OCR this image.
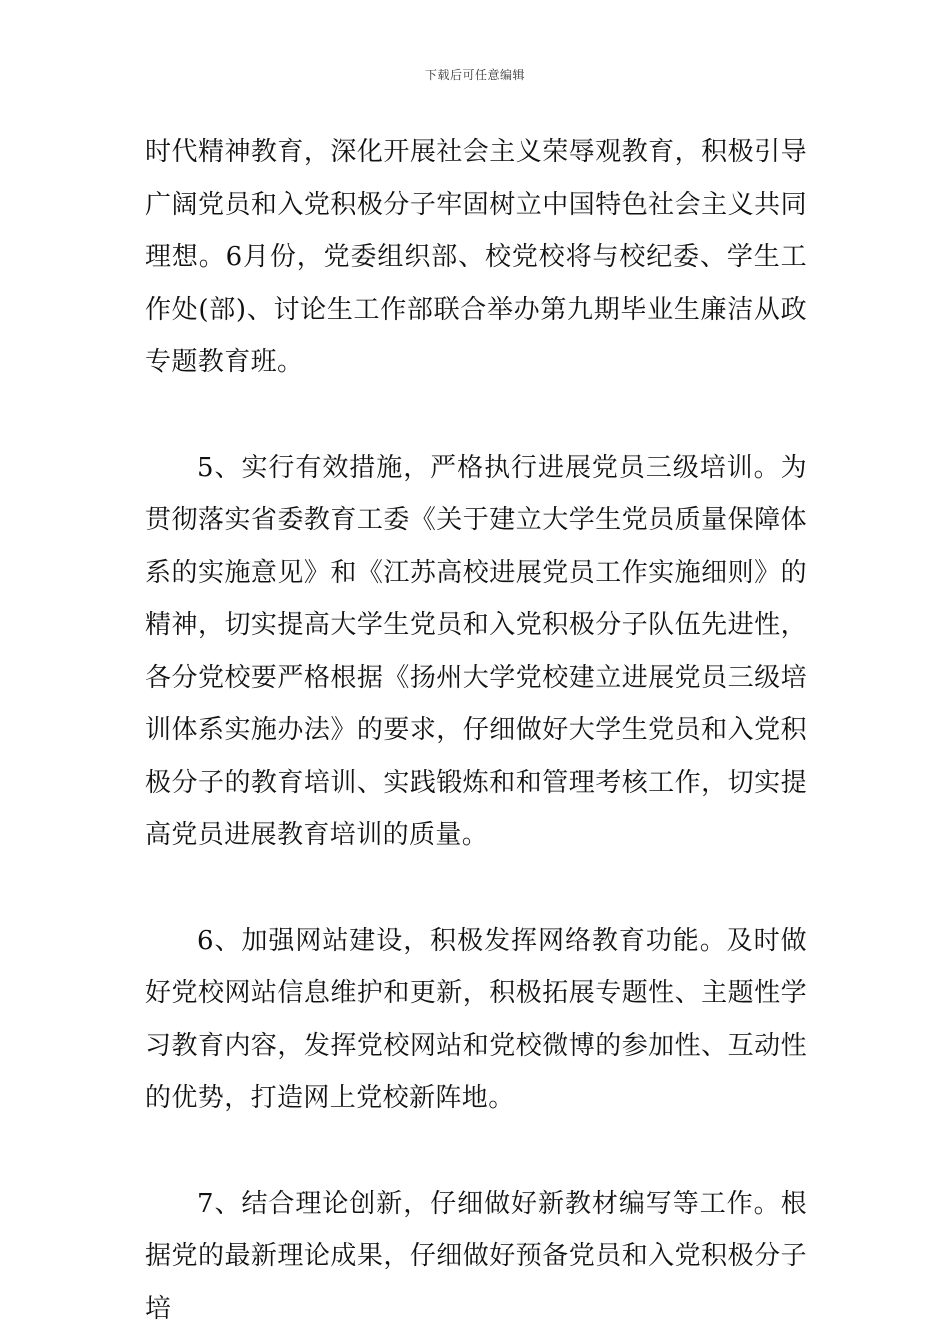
下载后可任意编辑

时代精神教育，深化开展社会主义荣辱观教育，积极引导广阔党员和入党积极分子牢固树立中国特色社会主义共同理想。6月份，党委组织部、校党校将与校纪委、学生工作处(部)、讨论生工作部联合举办第九期毕业生廉洁从政专题教育班。

5、实行有效措施，严格执行进展党员三级培训。为贯彻落实省委教育工委《关于建立大学生党员质量保障体系的实施意见》和《江苏高校进展党员工作实施细则》的精神，切实提高大学生党员和入党积极分子队伍先进性，各分党校要严格根据《扬州大学党校建立进展党员三级培训体系实施办法》的要求，仔细做好大学生党员和入党积极分子的教育培训、实践锻炼和和管理考核工作，切实提高党员进展教育培训的质量。

6、加强网站建设，积极发挥网络教育功能。及时做好党校网站信息维护和更新，积极拓展专题性、主题性学习教育内容，发挥党校网站和党校微博的参加性、互动性的优势，打造网上党校新阵地。

7、结合理论创新，仔细做好新教材编写等工作。根据党的最新理论成果，仔细做好预备党员和入党积极分子培
